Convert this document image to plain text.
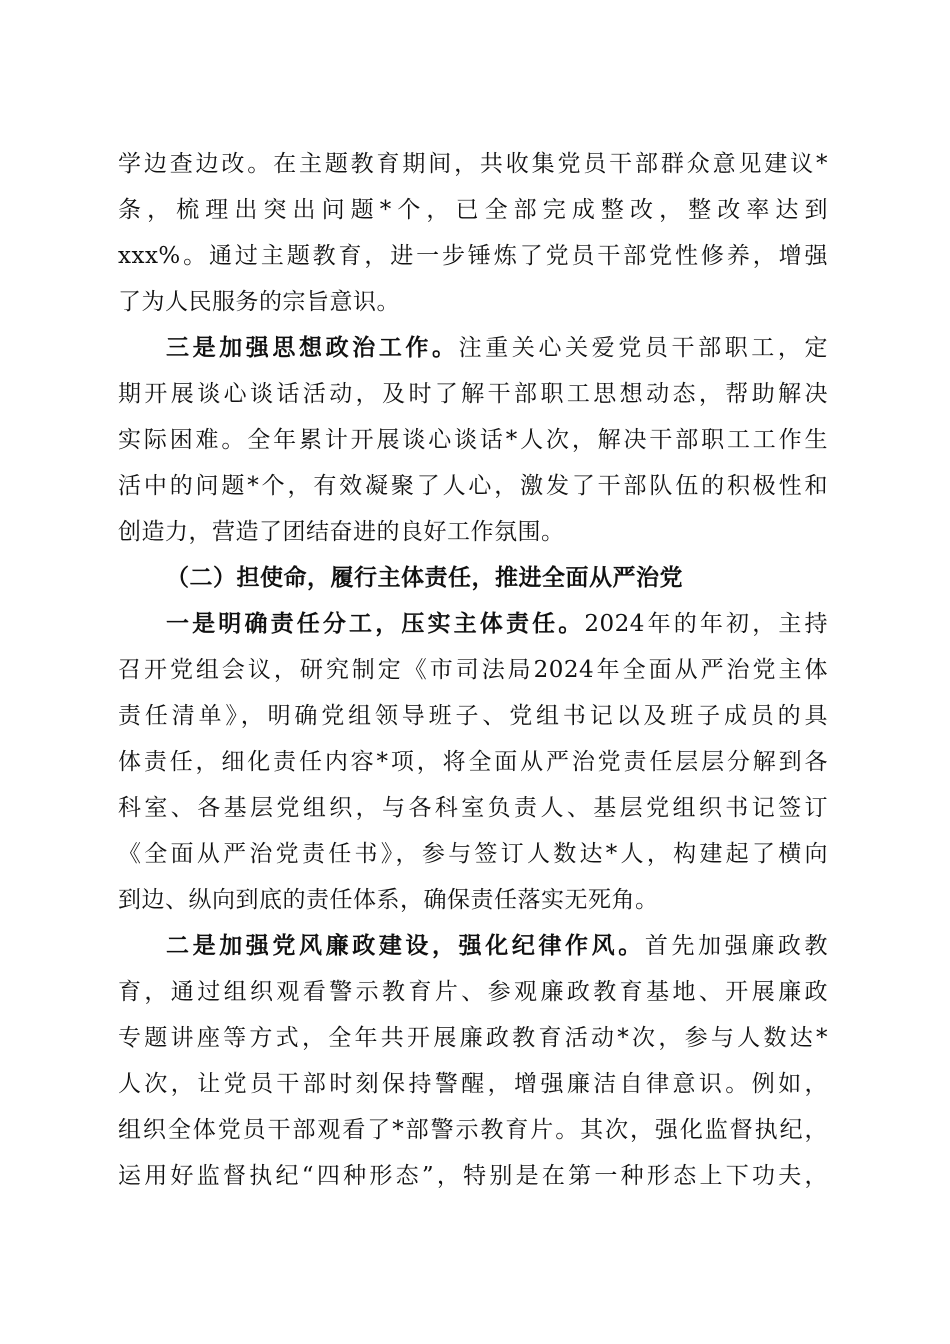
学边查边改。在主题教育期间，共收集党员干部群众意见建议*
条，梳理出突出问题*个，已全部完成整改，整改率达到
xxx%。通过主题教育，进一步锤炼了党员干部党性修养，增强
了为人民服务的宗旨意识。
三是加强思想政治工作。注重关心关爱党员干部职工，定
期开展谈心谈话活动，及时了解干部职工思想动态，帮助解决
实际困难。全年累计开展谈心谈话*人次，解决干部职工工作生
活中的问题*个，有效凝聚了人心，激发了干部队伍的积极性和
创造力，营造了团结奋进的良好工作氛围。
（二）担使命，履行主体责任，推进全面从严治党
一是明确责任分工，压实主体责任。2024年的年初，主持
召开党组会议，研究制定《市司法局2024年全面从严治党主体
责任清单》，明确党组领导班子、党组书记以及班子成员的具
体责任，细化责任内容*项，将全面从严治党责任层层分解到各
科室、各基层党组织，与各科室负责人、基层党组织书记签订
《全面从严治党责任书》，参与签订人数达*人，构建起了横向
到边、纵向到底的责任体系，确保责任落实无死角。
二是加强党风廉政建设，强化纪律作风。首先加强廉政教
育，通过组织观看警示教育片、参观廉政教育基地、开展廉政
专题讲座等方式，全年共开展廉政教育活动*次，参与人数达*
人次，让党员干部时刻保持警醒，增强廉洁自律意识。例如，
组织全体党员干部观看了*部警示教育片。其次，强化监督执纪，
运用好监督执纪“四种形态”，特别是在第一种形态上下功夫，
